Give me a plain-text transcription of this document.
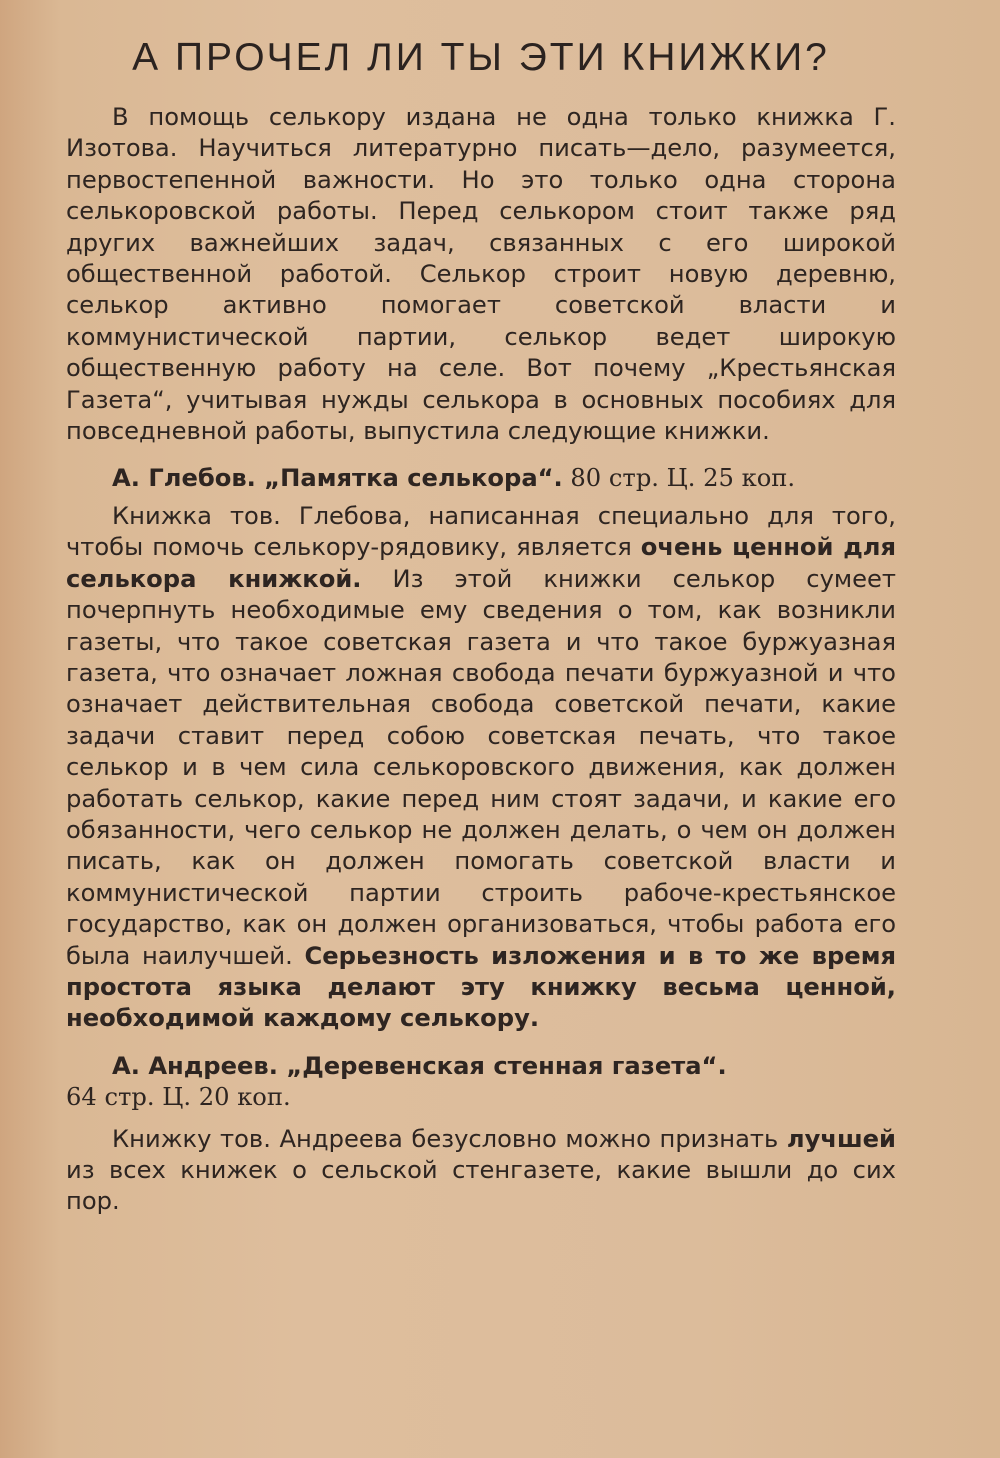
А ПРОЧЕЛ ЛИ ТЫ ЭТИ КНИЖКИ?

В помощь селькору издана не одна только книжка Г. Изотова. Научиться литературно писать—дело, разумеется, первостепенной важности. Но это только одна сторона селькоровской работы. Перед селькором стоит также ряд других важнейших задач, связанных с его широкой общественной работой. Селькор строит новую деревню, селькор активно помогает советской власти и коммунистической партии, селькор ведет широкую общественную работу на селе. Вот почему „Крестьянская Газета“, учитывая нужды селькора в основных пособиях для повседневной работы, выпустила следующие книжки.

А. Глебов. „Памятка селькора“. 80 стр. Ц. 25 коп.

Книжка тов. Глебова, написанная специально для того, чтобы помочь селькору-рядовику, является очень ценной для селькора книжкой. Из этой книжки селькор сумеет почерпнуть необходимые ему сведения о том, как возникли газеты, что такое советская газета и что такое буржуазная газета, что означает ложная свобода печати буржуазной и что означает действительная свобода советской печати, какие задачи ставит перед собою советская печать, что такое селькор и в чем сила селькоровского движения, как должен работать селькор, какие перед ним стоят задачи, и какие его обязанности, чего селькор не должен делать, о чем он должен писать, как он должен помогать советской власти и коммунистической партии строить рабоче-крестьянское государство, как он должен организоваться, чтобы работа его была наилучшей. Серьезность изложения и в то же время простота языка делают эту книжку весьма ценной, необходимой каждому селькору.

А. Андреев. „Деревенская стенная газета“.
64 стр. Ц. 20 коп.

Книжку тов. Андреева безусловно можно признать лучшей из всех книжек о сельской стенгазете, какие вышли до сих пор.
